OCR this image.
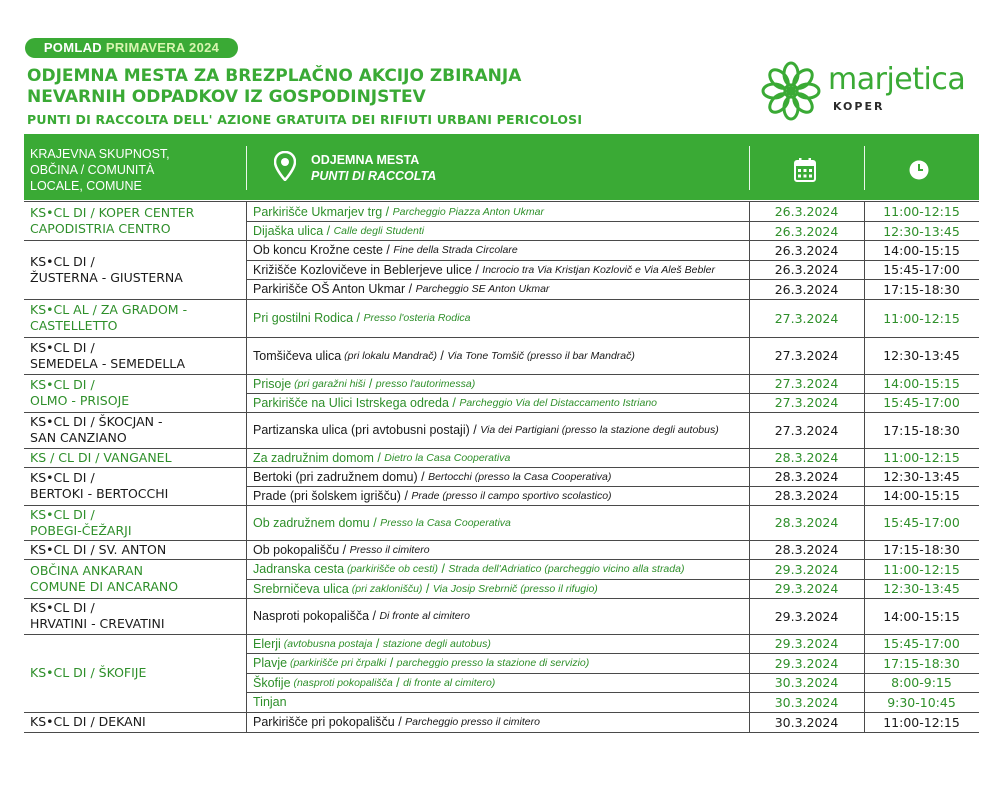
POMLAD PRIMAVERA 2024
ODJEMNA MESTA ZA BREZPLAČNO AKCIJO ZBIRANJA
NEVARNIH ODPADKOV IZ GOSPODINJSTEV
PUNTI DI RACCOLTA DELL' AZIONE GRATUITA DEI RIFIUTI URBANI PERICOLOSI
marjetica
KOPER
KRAJEVNA SKUPNOST,
OBČINA / COMUNITÀ
LOCALE, COMUNE
ODJEMNA MESTA
PUNTI DI RACCOLTA
KS•CL DI / KOPER CENTER
CAPODISTRIA CENTRO
Parkirišče Ukmarjev trg / Parcheggio Piazza Anton Ukmar	26.3.2024	11:00-12:15
Dijaška ulica / Calle degli Studenti	26.3.2024	12:30-13:45
KS•CL DI /
ŽUSTERNA - GIUSTERNA
Ob koncu Krožne ceste / Fine della Strada Circolare	26.3.2024	14:00-15:15
Križišče Kozlovičeve in Beblerjeve ulice / Incrocio tra Via Kristjan Kozlovič e Via Aleš Bebler	26.3.2024	15:45-17:00
Parkirišče OŠ Anton Ukmar / Parcheggio SE Anton Ukmar	26.3.2024	17:15-18:30
KS•CL AL / ZA GRADOM -
CASTELLETTO	Pri gostilni Rodica / Presso l'osteria Rodica	27.3.2024	11:00-12:15
KS•CL DI /
SEMEDELA - SEMEDELLA	Tomšičeva ulica (pri lokalu Mandrač) / Via Tone Tomšič (presso il bar Mandrač)	27.3.2024	12:30-13:45
KS•CL DI /
OLMO - PRISOJE
Prisoje (pri garažni hiši / presso l'autorimessa)	27.3.2024	14:00-15:15
Parkirišče na Ulici Istrskega odreda / Parcheggio Via del Distaccamento Istriano	27.3.2024	15:45-17:00
KS•CL DI / ŠKOCJAN -
SAN CANZIANO	Partizanska ulica (pri avtobusni postaji) / Via dei Partigiani (presso la stazione degli autobus)	27.3.2024	17:15-18:30
KS / CL DI / VANGANEL	Za zadružnim domom / Dietro la Casa Cooperativa	28.3.2024	11:00-12:15
KS•CL DI /
BERTOKI - BERTOCCHI
Bertoki (pri zadružnem domu) / Bertocchi (presso la Casa Cooperativa)	28.3.2024	12:30-13:45
Prade (pri šolskem igrišču) / Prade (presso il campo sportivo scolastico)	28.3.2024	14:00-15:15
KS•CL DI /
POBEGI-ČEŽARJI	Ob zadružnem domu / Presso la Casa Cooperativa	28.3.2024	15:45-17:00
KS•CL DI / SV. ANTON	Ob pokopališču / Presso il cimitero	28.3.2024	17:15-18:30
OBČINA ANKARAN
COMUNE DI ANCARANO
Jadranska cesta (parkirišče ob cesti) / Strada dell'Adriatico (parcheggio vicino alla strada)	29.3.2024	11:00-12:15
Srebrničeva ulica (pri zaklonišču) / Via Josip Srebrnič (presso il rifugio)	29.3.2024	12:30-13:45
KS•CL DI /
HRVATINI - CREVATINI	Nasproti pokopališča / Di fronte al cimitero	29.3.2024	14:00-15:15
KS•CL DI / ŠKOFIJE
Elerji (avtobusna postaja / stazione degli autobus)	29.3.2024	15:45-17:00
Plavje (parkirišče pri črpalki / parcheggio presso la stazione di servizio)	29.3.2024	17:15-18:30
Škofije (nasproti pokopališča / di fronte al cimitero)	30.3.2024	8:00-9:15
Tinjan	30.3.2024	9:30-10:45
KS•CL DI / DEKANI	Parkirišče pri pokopališču / Parcheggio presso il cimitero	30.3.2024	11:00-12:15
